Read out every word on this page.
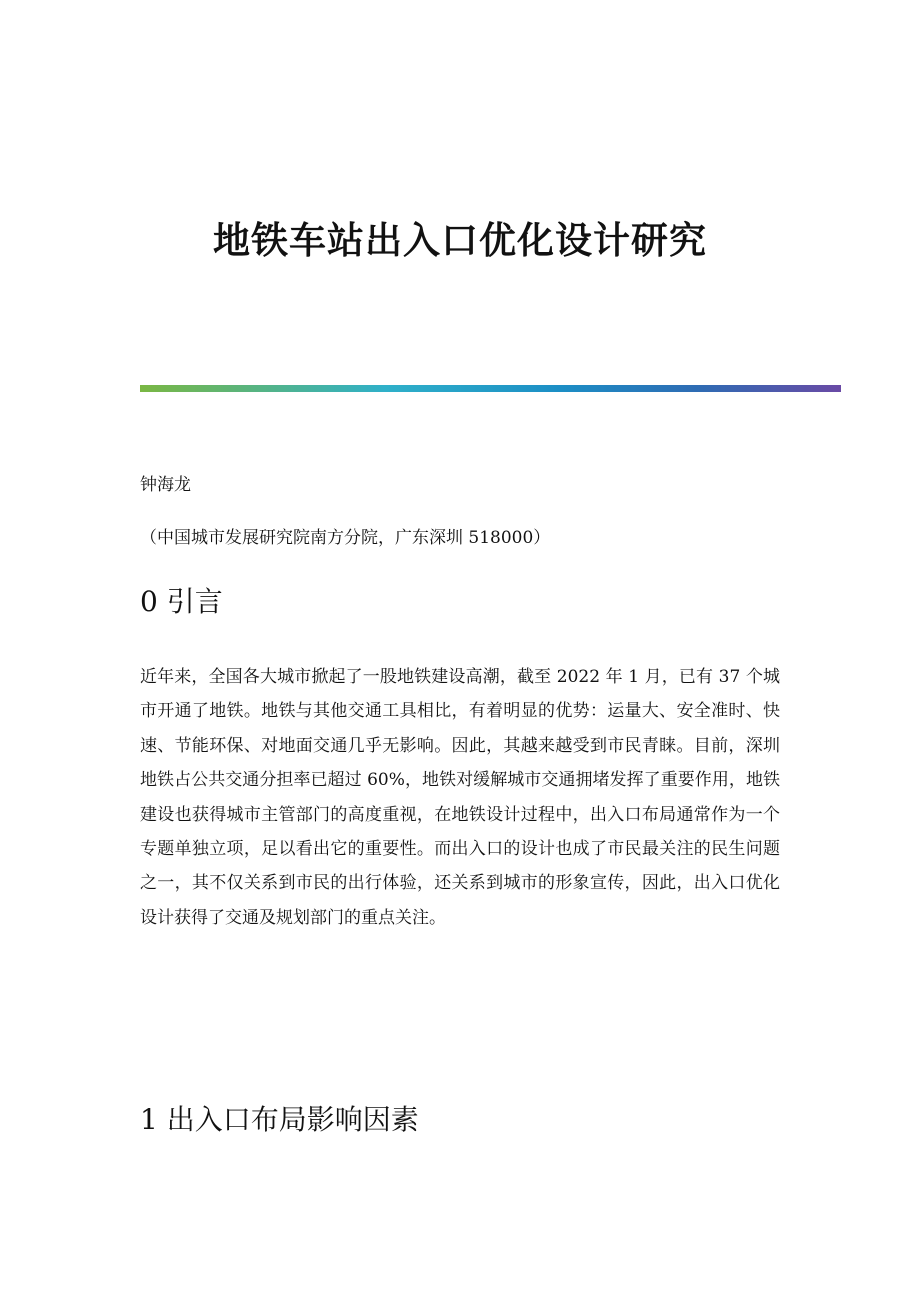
地铁车站出入口优化设计研究
钟海龙
（中国城市发展研究院南方分院，广东深圳 518000）
0 引言

近年来，全国各大城市掀起了一股地铁建设高潮，截至 2022 年 1 月，已有 37 个城市开通了地铁。地铁与其他交通工具相比，有着明显的优势：运量大、安全准时、快速、节能环保、对地面交通几乎无影响。因此，其越来越受到市民青睐。目前，深圳地铁占公共交通分担率已超过 60%，地铁对缓解城市交通拥堵发挥了重要作用，地铁建设也获得城市主管部门的高度重视，在地铁设计过程中，出入口布局通常作为一个专题单独立项，足以看出它的重要性。而出入口的设计也成了市民最关注的民生问题之一，其不仅关系到市民的出行体验，还关系到城市的形象宣传，因此，出入口优化设计获得了交通及规划部门的重点关注。

1 出入口布局影响因素
